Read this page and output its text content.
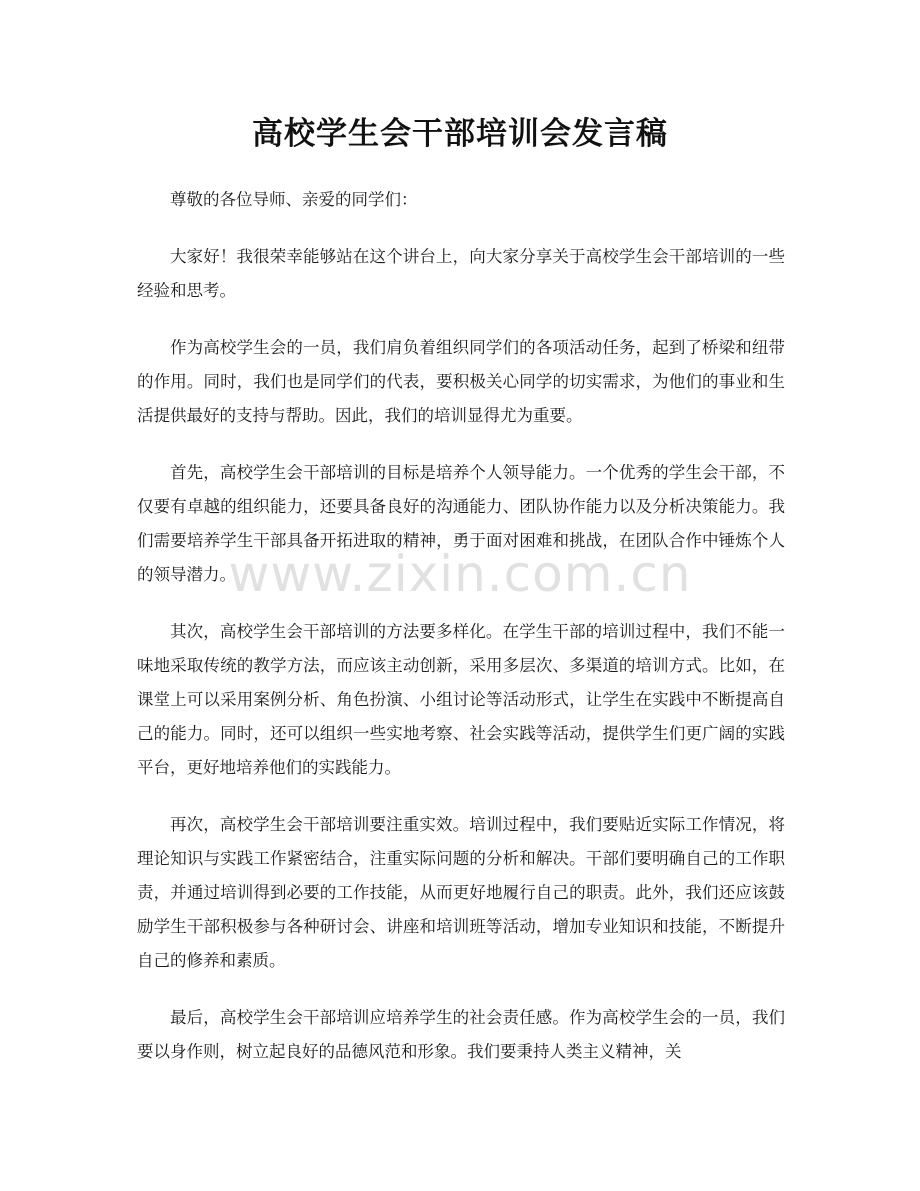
高校学生会干部培训会发言稿

尊敬的各位导师、亲爱的同学们：

大家好！我很荣幸能够站在这个讲台上，向大家分享关于高校学生会干部培训的一些经验和思考。

作为高校学生会的一员，我们肩负着组织同学们的各项活动任务，起到了桥梁和纽带的作用。同时，我们也是同学们的代表，要积极关心同学的切实需求，为他们的事业和生活提供最好的支持与帮助。因此，我们的培训显得尤为重要。

首先，高校学生会干部培训的目标是培养个人领导能力。一个优秀的学生会干部，不仅要有卓越的组织能力，还要具备良好的沟通能力、团队协作能力以及分析决策能力。我们需要培养学生干部具备开拓进取的精神，勇于面对困难和挑战，在团队合作中锤炼个人的领导潜力。

其次，高校学生会干部培训的方法要多样化。在学生干部的培训过程中，我们不能一味地采取传统的教学方法，而应该主动创新，采用多层次、多渠道的培训方式。比如，在课堂上可以采用案例分析、角色扮演、小组讨论等活动形式，让学生在实践中不断提高自己的能力。同时，还可以组织一些实地考察、社会实践等活动，提供学生们更广阔的实践平台，更好地培养他们的实践能力。

再次，高校学生会干部培训要注重实效。培训过程中，我们要贴近实际工作情况，将理论知识与实践工作紧密结合，注重实际问题的分析和解决。干部们要明确自己的工作职责，并通过培训得到必要的工作技能，从而更好地履行自己的职责。此外，我们还应该鼓励学生干部积极参与各种研讨会、讲座和培训班等活动，增加专业知识和技能，不断提升自己的修养和素质。

最后，高校学生会干部培训应培养学生的社会责任感。作为高校学生会的一员，我们要以身作则，树立起良好的品德风范和形象。我们要秉持人类主义精神，关

www.zixin.com.cn
